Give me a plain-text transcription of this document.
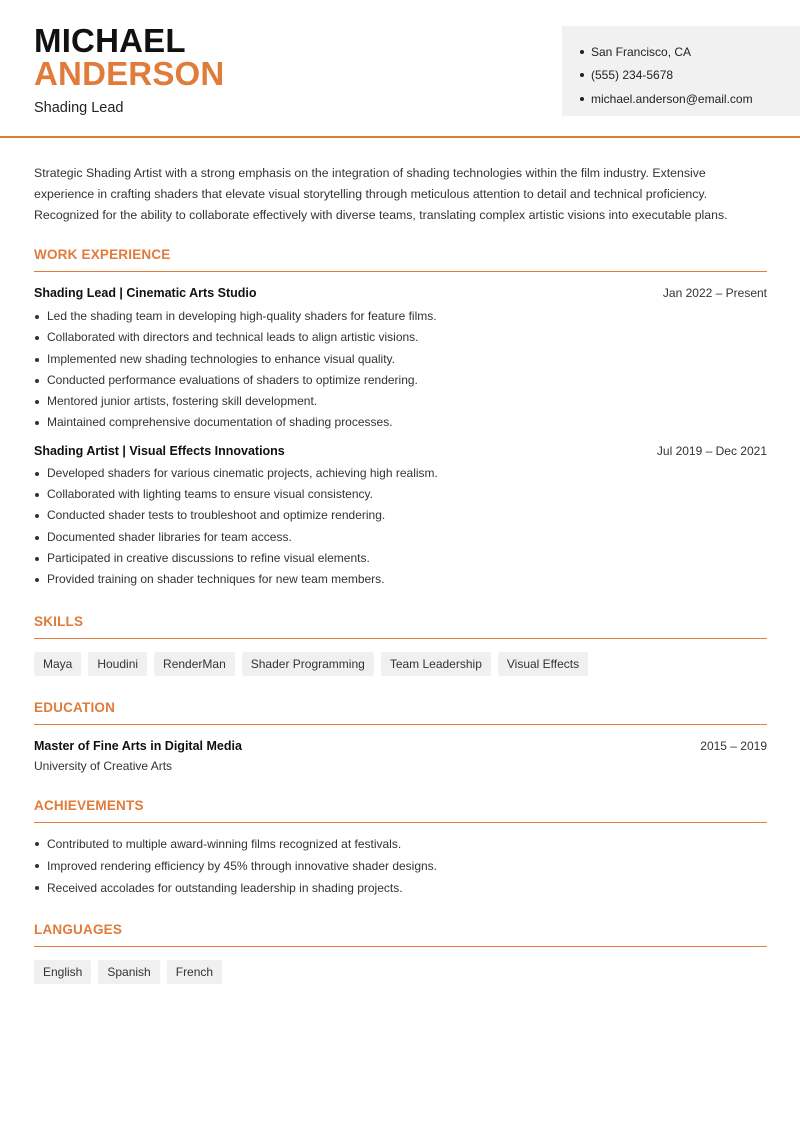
MICHAEL
ANDERSON
Shading Lead
San Francisco, CA
(555) 234-5678
michael.anderson@email.com

Strategic Shading Artist with a strong emphasis on the integration of shading technologies within the film industry. Extensive experience in crafting shaders that elevate visual storytelling through meticulous attention to detail and technical proficiency. Recognized for the ability to collaborate effectively with diverse teams, translating complex artistic visions into executable plans.

WORK EXPERIENCE
Shading Lead | Cinematic Arts Studio	Jan 2022 – Present
Led the shading team in developing high-quality shaders for feature films.
Collaborated with directors and technical leads to align artistic visions.
Implemented new shading technologies to enhance visual quality.
Conducted performance evaluations of shaders to optimize rendering.
Mentored junior artists, fostering skill development.
Maintained comprehensive documentation of shading processes.
Shading Artist | Visual Effects Innovations	Jul 2019 – Dec 2021
Developed shaders for various cinematic projects, achieving high realism.
Collaborated with lighting teams to ensure visual consistency.
Conducted shader tests to troubleshoot and optimize rendering.
Documented shader libraries for team access.
Participated in creative discussions to refine visual elements.
Provided training on shader techniques for new team members.
SKILLS
Maya	Houdini	RenderMan	Shader Programming	Team Leadership	Visual Effects
EDUCATION
Master of Fine Arts in Digital Media	2015 – 2019
University of Creative Arts
ACHIEVEMENTS
Contributed to multiple award-winning films recognized at festivals.
Improved rendering efficiency by 45% through innovative shader designs.
Received accolades for outstanding leadership in shading projects.
LANGUAGES
English	Spanish	French
